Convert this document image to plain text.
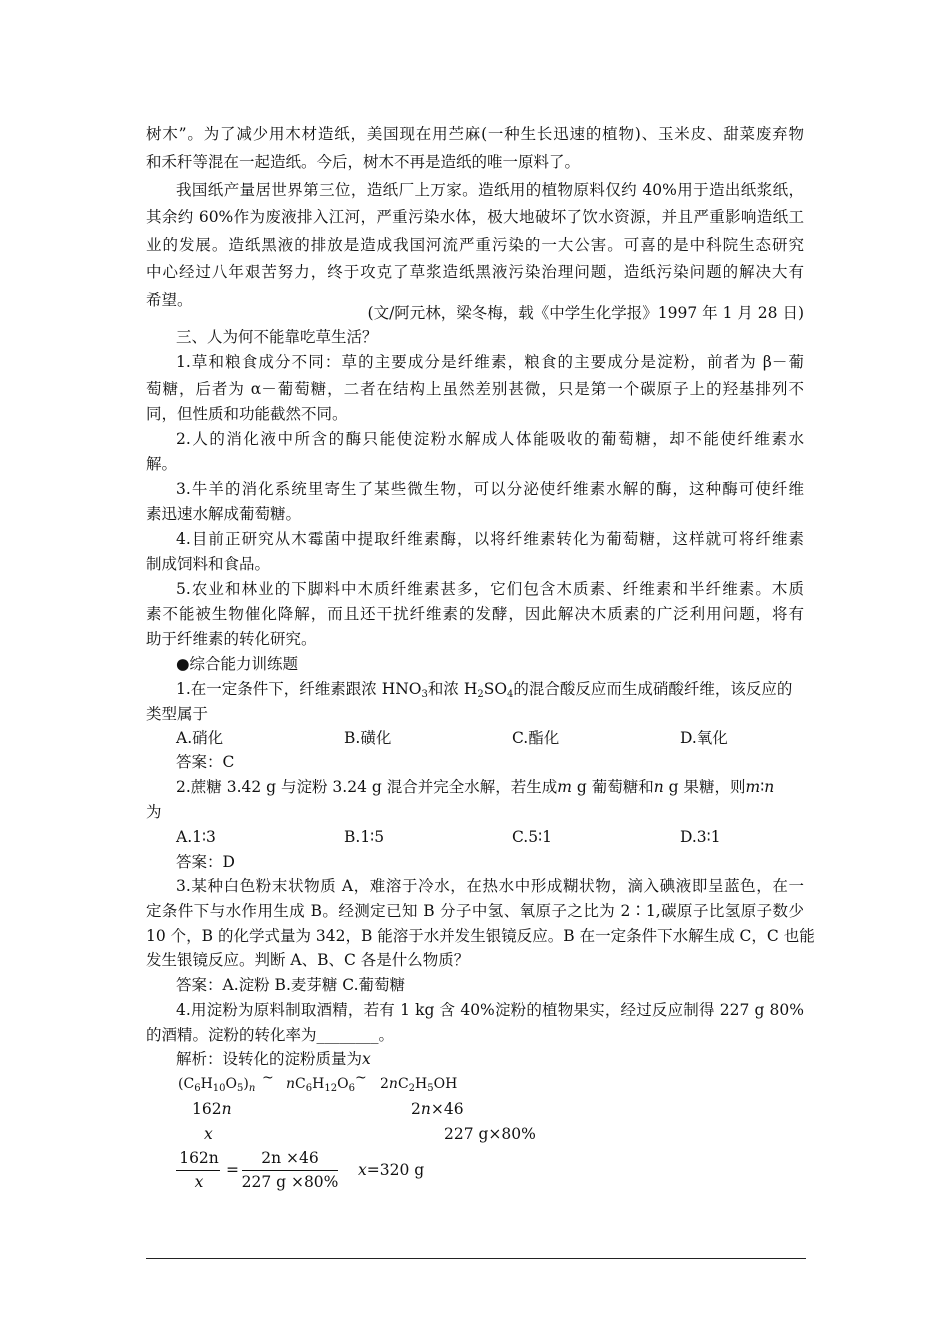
树木”。为了减少用木材造纸，美国现在用苎麻(一种生长迅速的植物)、玉米皮、甜菜废弃物
和禾秆等混在一起造纸。今后，树木不再是造纸的唯一原料了。
我国纸产量居世界第三位，造纸厂上万家。造纸用的植物原料仅约 40%用于造出纸浆纸，
其余约 60%作为废液排入江河，严重污染水体，极大地破坏了饮水资源，并且严重影响造纸工
业的发展。造纸黑液的排放是造成我国河流严重污染的一大公害。可喜的是中科院生态研究
中心经过八年艰苦努力，终于攻克了草浆造纸黑液污染治理问题，造纸污染问题的解决大有
希望。
(文/阿元林，梁冬梅，载《中学生化学报》1997 年 1 月 28 日)
三、人为何不能靠吃草生活？
1.草和粮食成分不同：草的主要成分是纤维素，粮食的主要成分是淀粉，前者为 β－葡
萄糖，后者为 α－葡萄糖，二者在结构上虽然差别甚微，只是第一个碳原子上的羟基排列不
同，但性质和功能截然不同。
2.人的消化液中所含的酶只能使淀粉水解成人体能吸收的葡萄糖，却不能使纤维素水
解。
3.牛羊的消化系统里寄生了某些微生物，可以分泌使纤维素水解的酶，这种酶可使纤维
素迅速水解成葡萄糖。
4.目前正研究从木霉菌中提取纤维素酶，以将纤维素转化为葡萄糖，这样就可将纤维素
制成饲料和食品。
5.农业和林业的下脚料中木质纤维素甚多，它们包含木质素、纤维素和半纤维素。木质
素不能被生物催化降解，而且还干扰纤维素的发酵，因此解决木质素的广泛利用问题，将有
助于纤维素的转化研究。
●综合能力训练题
1.在一定条件下，纤维素跟浓 $HNO_3$和浓 $H_2SO_4$的混合酸反应而生成硝酸纤维，该反应的
类型属于
A.硝化	B.磺化	C.酯化	D.氧化
答案：C
2.蔗糖 3.42 g 与淀粉 3.24 g 混合并完全水解，若生成m g 葡萄糖和n g 果糖，则m∶n
为
A.1∶3	B.1∶5	C.5∶1	D.3∶1
答案：D
3.某种白色粉末状物质 A，难溶于冷水，在热水中形成糊状物，滴入碘液即呈蓝色，在一
定条件下与水作用生成 B。经测定已知 B 分子中氢、氧原子之比为 2∶1,碳原子比氢原子数少
10 个，B 的化学式量为 342，B 能溶于水并发生银镜反应。B 在一定条件下水解生成 C，C 也能
发生银镜反应。判断 A、B、C 各是什么物质？
答案：A.淀粉 B.麦芽糖 C.葡萄糖
4.用淀粉为原料制取酒精，若有 1 kg 含 40%淀粉的植物果实，经过反应制得 227 g 80%
的酒精。淀粉的转化率为________。
解析：设转化的淀粉质量为x
$(C_6H_{10}O_5)_n$
~ $nC_6H_{12}O_6$
~ $2nC_2H_5OH$
162n	2n×46
x	227 g×80%
162n
x
=
2n ×46
227 g ×80%
x=320 g
